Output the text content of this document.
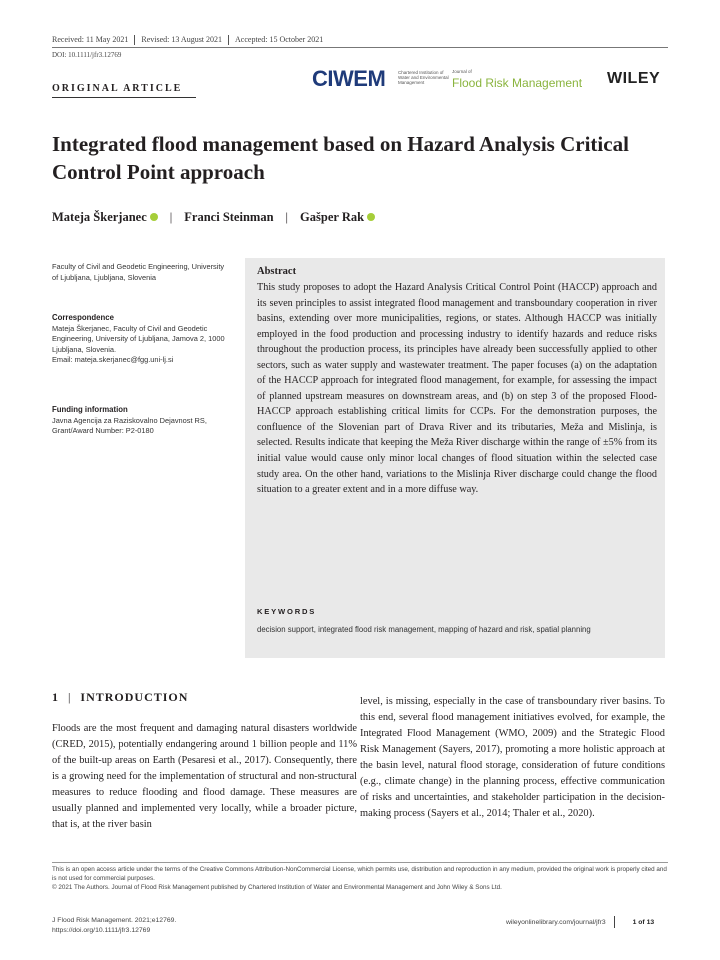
Received: 11 May 2021 Revised: 13 August 2021 Accepted: 15 October 2021
DOI: 10.1111/jfr3.12769
ORIGINAL ARTICLE	CIWEM	Chartered Institution of Water and Environmental Management
Journal of
Flood Risk Management WILEY
Integrated flood management based on Hazard Analysis Critical Control Point approach
Mateja Škerjanec | Franci Steinman | Gašper Rak

Faculty of Civil and Geodetic Engineering, University of Ljubljana, Ljubljana, Slovenia

Correspondence

Mateja Škerjanec, Faculty of Civil and Geodetic Engineering, University of Ljubljana, Jamova 2, 1000 Ljubljana, Slovenia.

Email: mateja.skerjanec@fgg.uni-lj.si

Funding information

Javna Agencija za Raziskovalno Dejavnost RS, Grant/Award Number: P2-0180

Abstract
This study proposes to adopt the Hazard Analysis Critical Control Point (HACCP) approach and its seven principles to assist integrated flood management and transboundary cooperation in river basins, extending over more municipalities, regions, or states. Although HACCP was initially employed in the food production and processing industry to identify hazards and reduce risks throughout the production process, its principles have already been successfully applied to other sectors, such as water supply and wastewater treatment. The paper focuses (a) on the adaptation of the HACCP approach for integrated flood management, for example, for assessing the impact of planned upstream measures on downstream areas, and (b) on step 3 of the proposed Flood-HACCP approach establishing critical limits for CCPs. For the demonstration purposes, the confluence of the Slovenian part of Drava River and its tributaries, Meža and Mislinja, is selected. Results indicate that keeping the Meža River discharge within the range of ±5% from its initial value would cause only minor local changes of flood situation within the selected case study area. On the other hand, variations to the Mislinja River discharge could change the flood situation to a greater extent and in a more diffuse way.
KEYWORDS
decision support, integrated flood risk management, mapping of hazard and risk, spatial planning
1 | INTRODUCTION
Floods are the most frequent and damaging natural disasters worldwide (CRED, 2015), potentially endangering around 1 billion people and 11% of the built-up areas on Earth (Pesaresi et al., 2017). Consequently, there is a growing need for the implementation of structural and non-structural measures to reduce flooding and flood damage. These measures are usually planned and implemented very locally, while a broader picture, that is, at the river basin
level, is missing, especially in the case of transboundary river basins. To this end, several flood management initiatives evolved, for example, the Integrated Flood Management (WMO, 2009) and the Strategic Flood Risk Management (Sayers, 2017), promoting a more holistic approach at the basin level, natural flood storage, consideration of future conditions (e.g., climate change) in the planning process, effective communication of risks and uncertainties, and stakeholder participation in the decision-making process (Sayers et al., 2014; Thaler et al., 2020).
This is an open access article under the terms of the Creative Commons Attribution-NonCommercial License, which permits use, distribution and reproduction in any medium, provided the original work is properly cited and is not used for commercial purposes.
© 2021 The Authors. Journal of Flood Risk Management published by Chartered Institution of Water and Environmental Management and John Wiley & Sons Ltd.
J Flood Risk Management. 2021;e12769.
https://doi.org/10.1111/jfr3.12769
wileyonlinelibrary.com/journal/jfr3	1 of 13
